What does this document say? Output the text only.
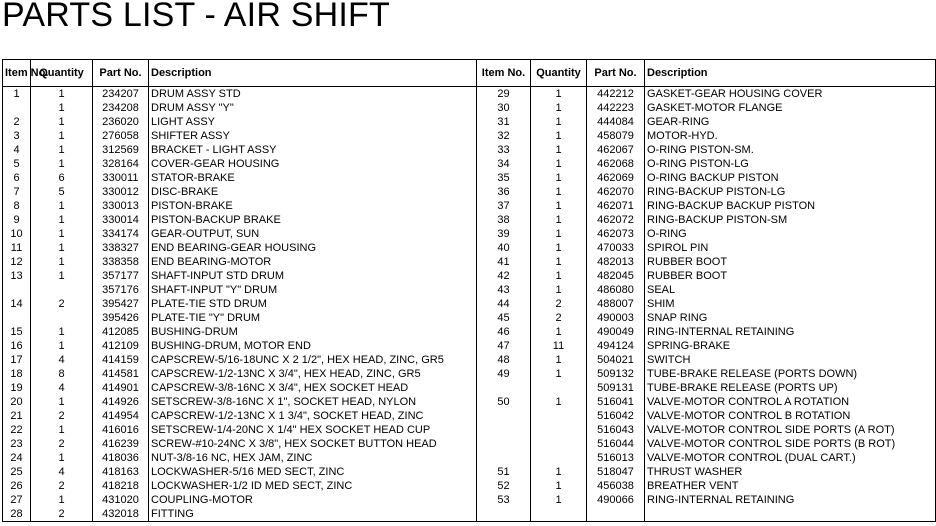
PARTS LIST - AIR SHIFT
Item No.	Quantity	Part No.	Description	Item No.	Quantity	Part No.	Description
1	1	234207	DRUM ASSY STD	29	1	442212	GASKET-GEAR HOUSING COVER
	1	234208	DRUM ASSY "Y"	30	1	442223	GASKET-MOTOR FLANGE
2	1	236020	LIGHT ASSY	31	1	444084	GEAR-RING
3	1	276058	SHIFTER ASSY	32	1	458079	MOTOR-HYD.
4	1	312569	BRACKET - LIGHT ASSY	33	1	462067	O-RING PISTON-SM.
5	1	328164	COVER-GEAR HOUSING	34	1	462068	O-RING PISTON-LG
6	6	330011	STATOR-BRAKE	35	1	462069	O-RING BACKUP PISTON
7	5	330012	DISC-BRAKE	36	1	462070	RING-BACKUP PISTON-LG
8	1	330013	PISTON-BRAKE	37	1	462071	RING-BACKUP BACKUP PISTON
9	1	330014	PISTON-BACKUP BRAKE	38	1	462072	RING-BACKUP PISTON-SM
10	1	334174	GEAR-OUTPUT, SUN	39	1	462073	O-RING
11	1	338327	END BEARING-GEAR HOUSING	40	1	470033	SPIROL PIN
12	1	338358	END BEARING-MOTOR	41	1	482013	RUBBER BOOT
13	1	357177	SHAFT-INPUT STD DRUM	42	1	482045	RUBBER BOOT
		357176	SHAFT-INPUT "Y" DRUM	43	1	486080	SEAL
14	2	395427	PLATE-TIE STD DRUM	44	2	488007	SHIM
		395426	PLATE-TIE "Y" DRUM	45	2	490003	SNAP RING
15	1	412085	BUSHING-DRUM	46	1	490049	RING-INTERNAL RETAINING
16	1	412109	BUSHING-DRUM, MOTOR END	47	11	494124	SPRING-BRAKE
17	4	414159	CAPSCREW-5/16-18UNC X 2 1/2", HEX HEAD, ZINC, GR5	48	1	504021	SWITCH
18	8	414581	CAPSCREW-1/2-13NC X 3/4", HEX HEAD, ZINC, GR5	49	1	509132	TUBE-BRAKE RELEASE (PORTS DOWN)
19	4	414901	CAPSCREW-3/8-16NC X 3/4", HEX SOCKET HEAD			509131	TUBE-BRAKE RELEASE (PORTS UP)
20	1	414926	SETSCREW-3/8-16NC X 1", SOCKET HEAD, NYLON	50	1	516041	VALVE-MOTOR CONTROL A ROTATION
21	2	414954	CAPSCREW-1/2-13NC X 1 3/4", SOCKET HEAD, ZINC			516042	VALVE-MOTOR CONTROL B ROTATION
22	1	416016	SETSCREW-1/4-20NC X 1/4" HEX SOCKET HEAD CUP			516043	VALVE-MOTOR CONTROL SIDE PORTS (A ROT)
23	2	416239	SCREW-#10-24NC X 3/8", HEX SOCKET BUTTON HEAD			516044	VALVE-MOTOR CONTROL SIDE PORTS (B ROT)
24	1	418036	NUT-3/8-16 NC, HEX JAM, ZINC			516013	VALVE-MOTOR CONTROL (DUAL CART.)
25	4	418163	LOCKWASHER-5/16 MED SECT, ZINC	51	1	518047	THRUST WASHER
26	2	418218	LOCKWASHER-1/2 ID MED SECT, ZINC	52	1	456038	BREATHER VENT
27	1	431020	COUPLING-MOTOR	53	1	490066	RING-INTERNAL RETAINING
28	2	432018	FITTING				
